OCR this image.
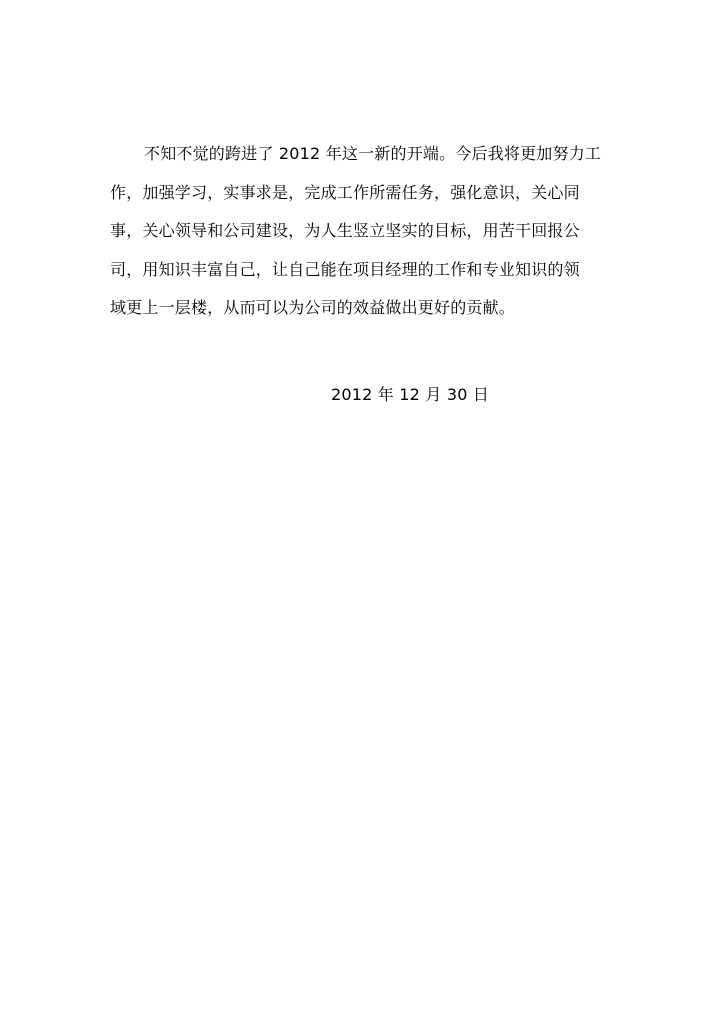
不知不觉的跨进了 2012 年这一新的开端。今后我将更加努力工
作，加强学习，实事求是，完成工作所需任务，强化意识，关心同
事，关心领导和公司建设，为人生竖立坚实的目标，用苦干回报公
司，用知识丰富自己，让自己能在项目经理的工作和专业知识的领
域更上一层楼，从而可以为公司的效益做出更好的贡献。
2012 年 12 月 30 日
